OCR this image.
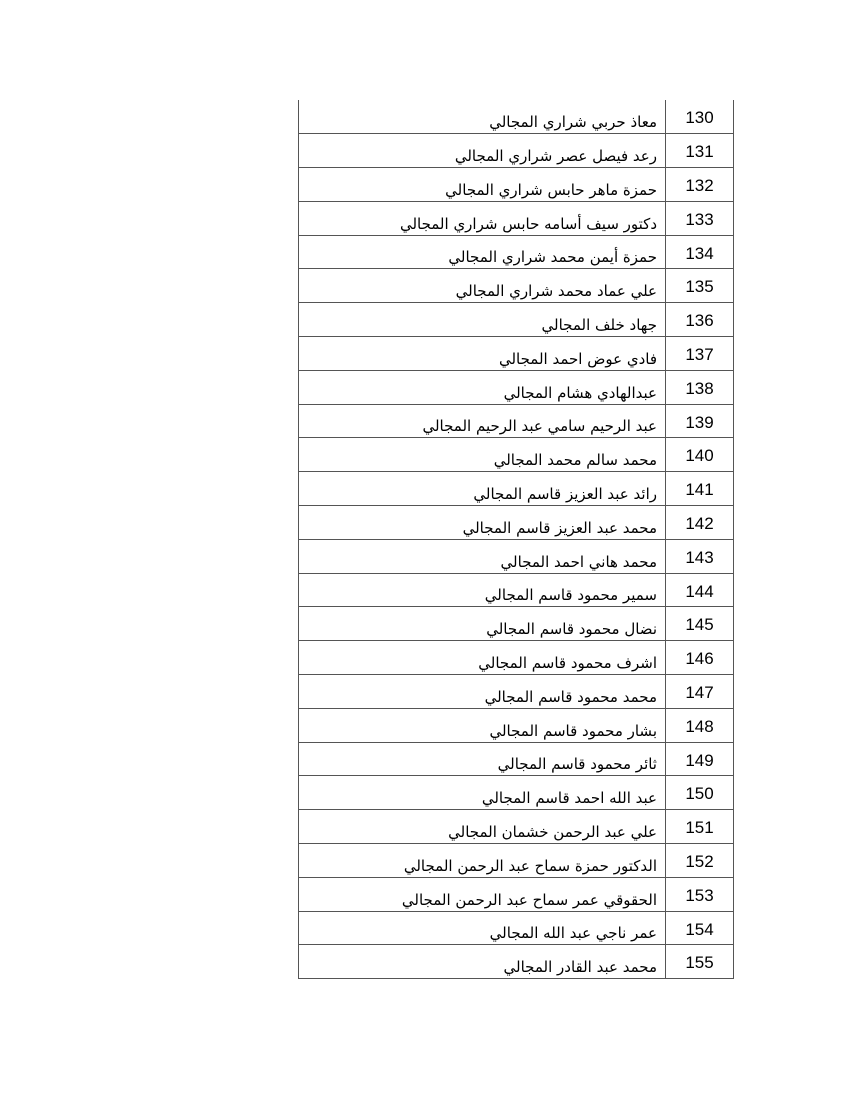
معاذ حربي شراري المجالي	130
رعد فيصل عصر شراري المجالي	131
حمزة ماهر حابس شراري المجالي	132
دكتور سيف أسامه حابس شراري المجالي	133
حمزة أيمن محمد شراري المجالي	134
علي عماد محمد شراري المجالي	135
جهاد خلف المجالي	136
فادي عوض احمد المجالي	137
عبدالهادي هشام المجالي	138
عبد الرحيم سامي عبد الرحيم المجالي	139
محمد سالم محمد المجالي	140
رائد عبد العزيز قاسم المجالي	141
محمد عبد العزيز قاسم المجالي	142
محمد هاني احمد المجالي	143
سمير محمود قاسم المجالي	144
نضال محمود قاسم المجالي	145
اشرف محمود قاسم المجالي	146
محمد محمود قاسم المجالي	147
بشار محمود قاسم المجالي	148
ثائر محمود قاسم المجالي	149
عبد الله احمد قاسم المجالي	150
علي عبد الرحمن خشمان المجالي	151
الدكتور حمزة سماح عبد الرحمن المجالي	152
الحقوقي عمر سماح عبد الرحمن المجالي	153
عمر ناجي عبد الله المجالي	154
محمد عبد القادر المجالي	155
